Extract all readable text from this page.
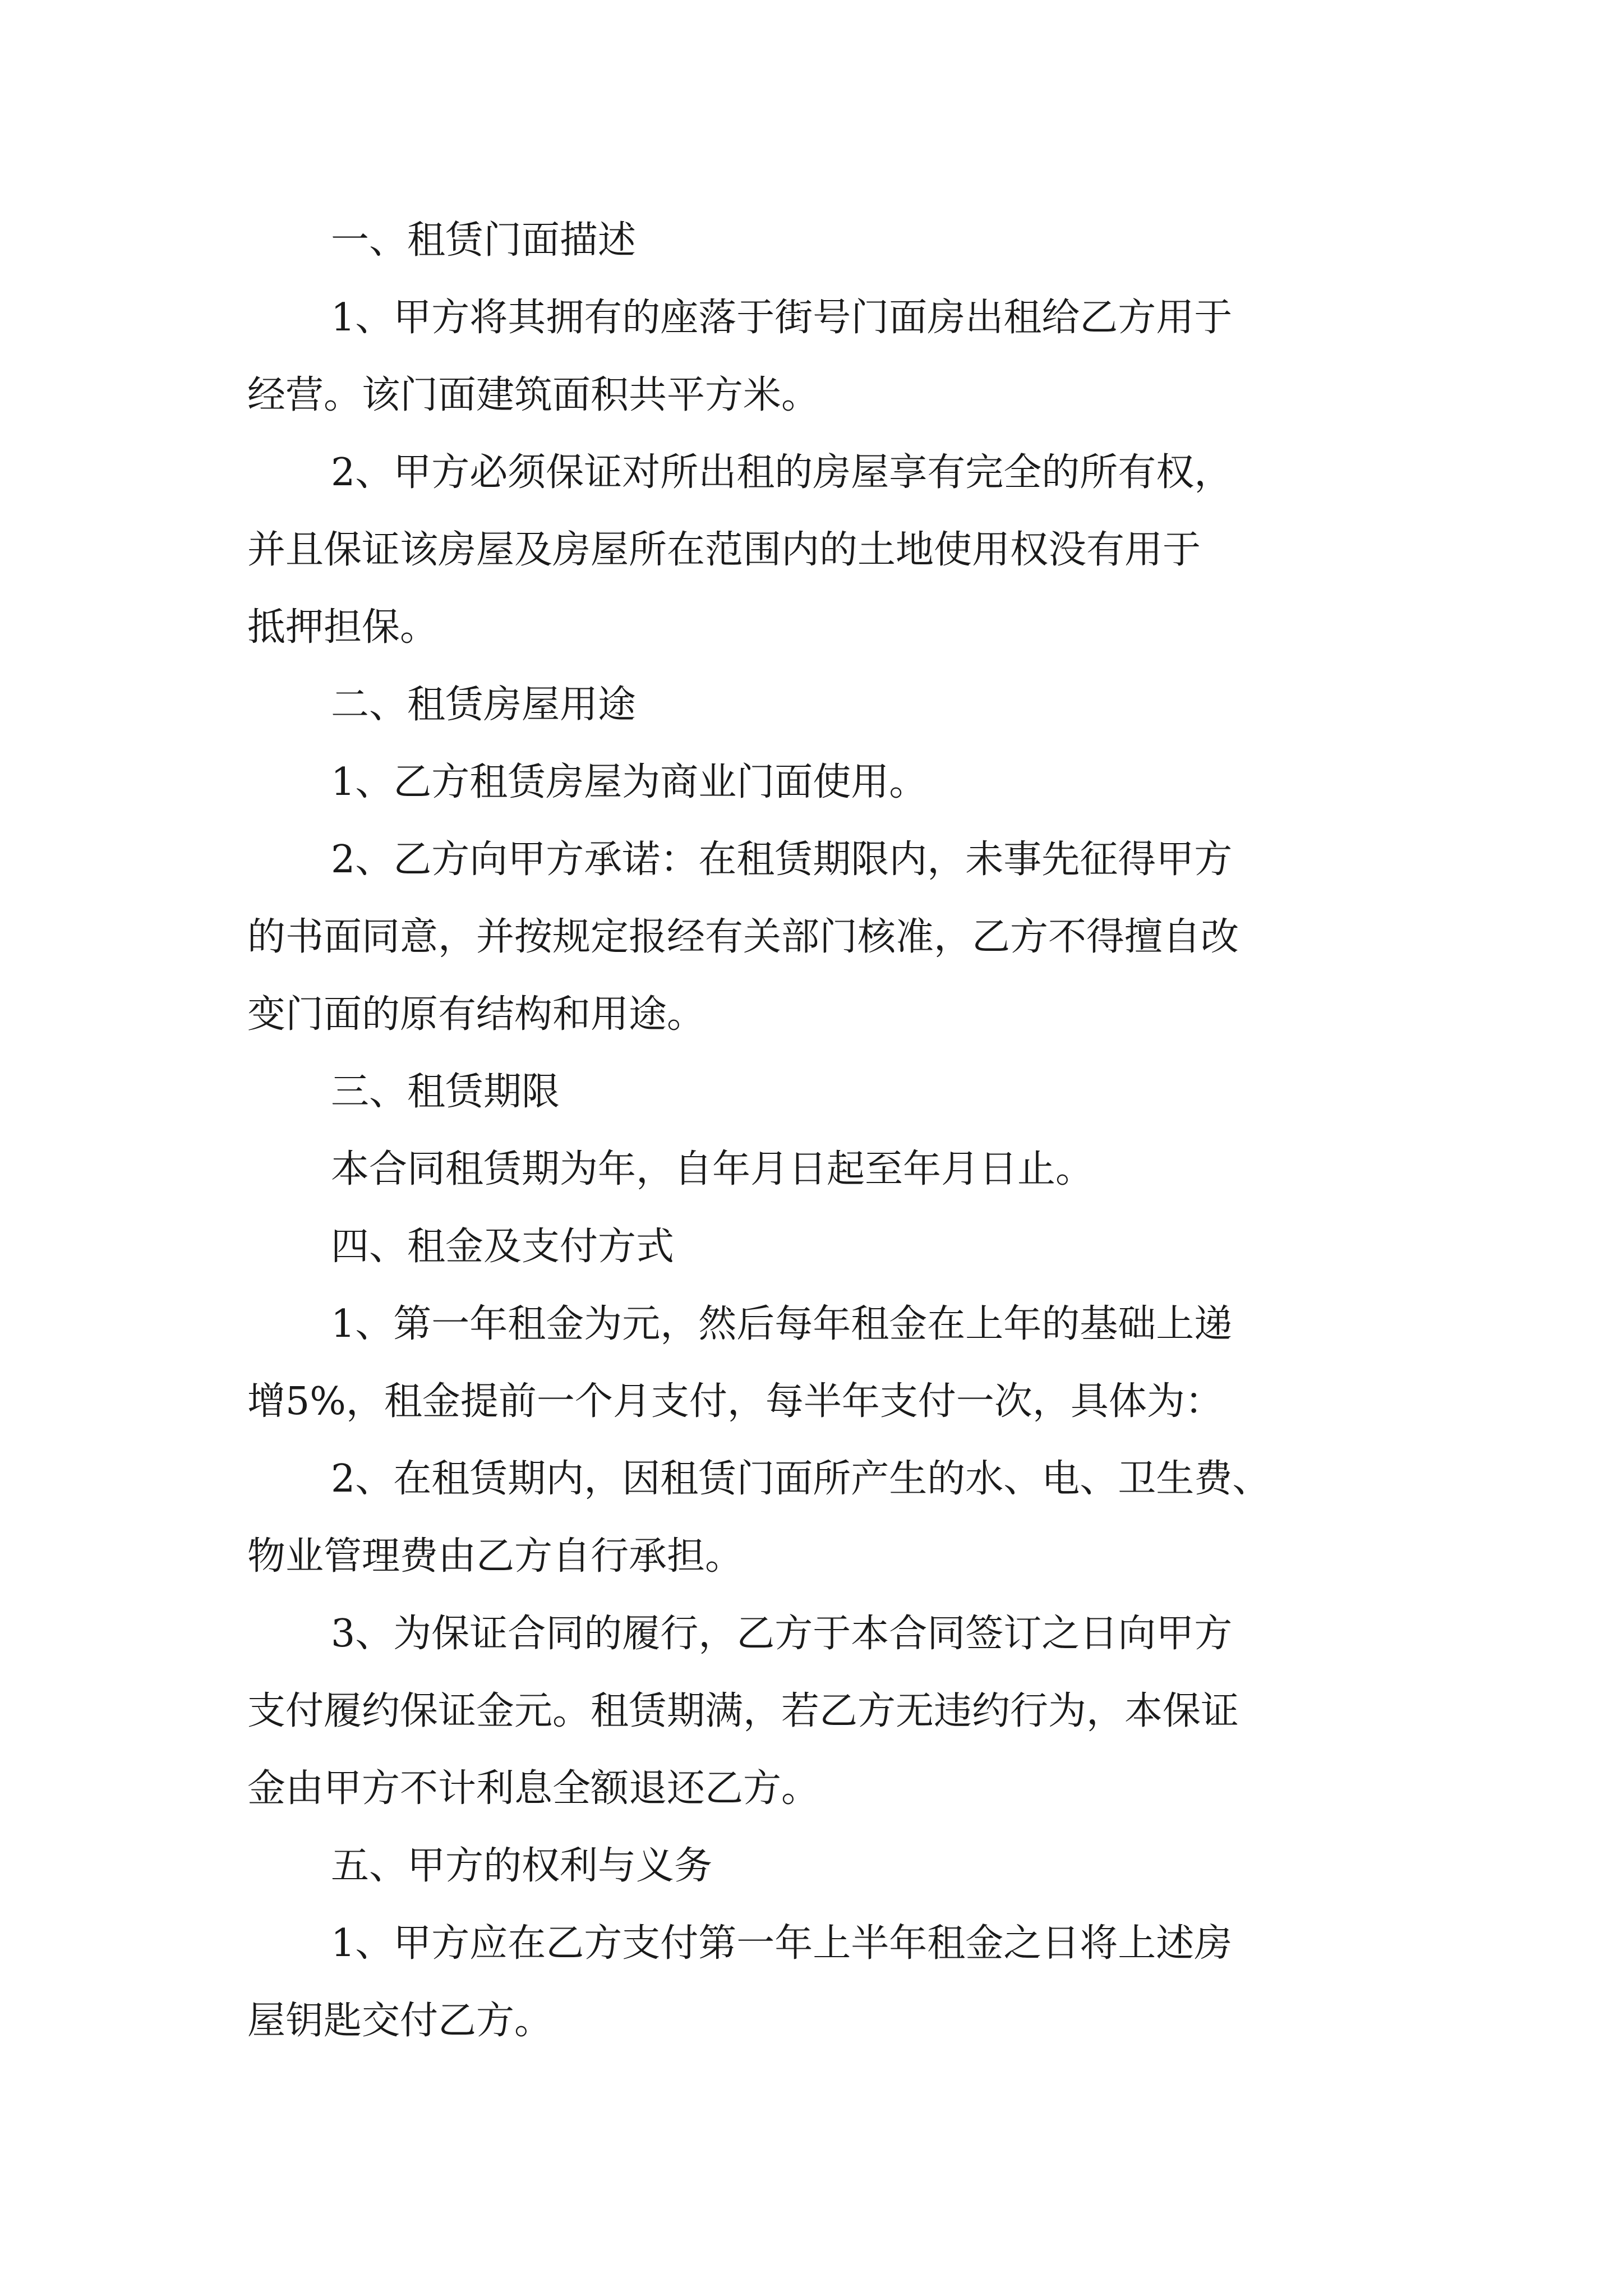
一、租赁门面描述
1、甲方将其拥有的座落于街号门面房出租给乙方用于
经营。该门面建筑面积共平方米。
2、甲方必须保证对所出租的房屋享有完全的所有权，
并且保证该房屋及房屋所在范围内的土地使用权没有用于
抵押担保。
二、租赁房屋用途
1、乙方租赁房屋为商业门面使用。
2、乙方向甲方承诺：在租赁期限内，未事先征得甲方
的书面同意，并按规定报经有关部门核准，乙方不得擅自改
变门面的原有结构和用途。
三、租赁期限
本合同租赁期为年，自年月日起至年月日止。
四、租金及支付方式
1、第一年租金为元，然后每年租金在上年的基础上递
增5%，租金提前一个月支付，每半年支付一次，具体为：
2、在租赁期内，因租赁门面所产生的水、电、卫生费、
物业管理费由乙方自行承担。
3、为保证合同的履行，乙方于本合同签订之日向甲方
支付履约保证金元。租赁期满，若乙方无违约行为，本保证
金由甲方不计利息全额退还乙方。
五、甲方的权利与义务
1、甲方应在乙方支付第一年上半年租金之日将上述房
屋钥匙交付乙方。
